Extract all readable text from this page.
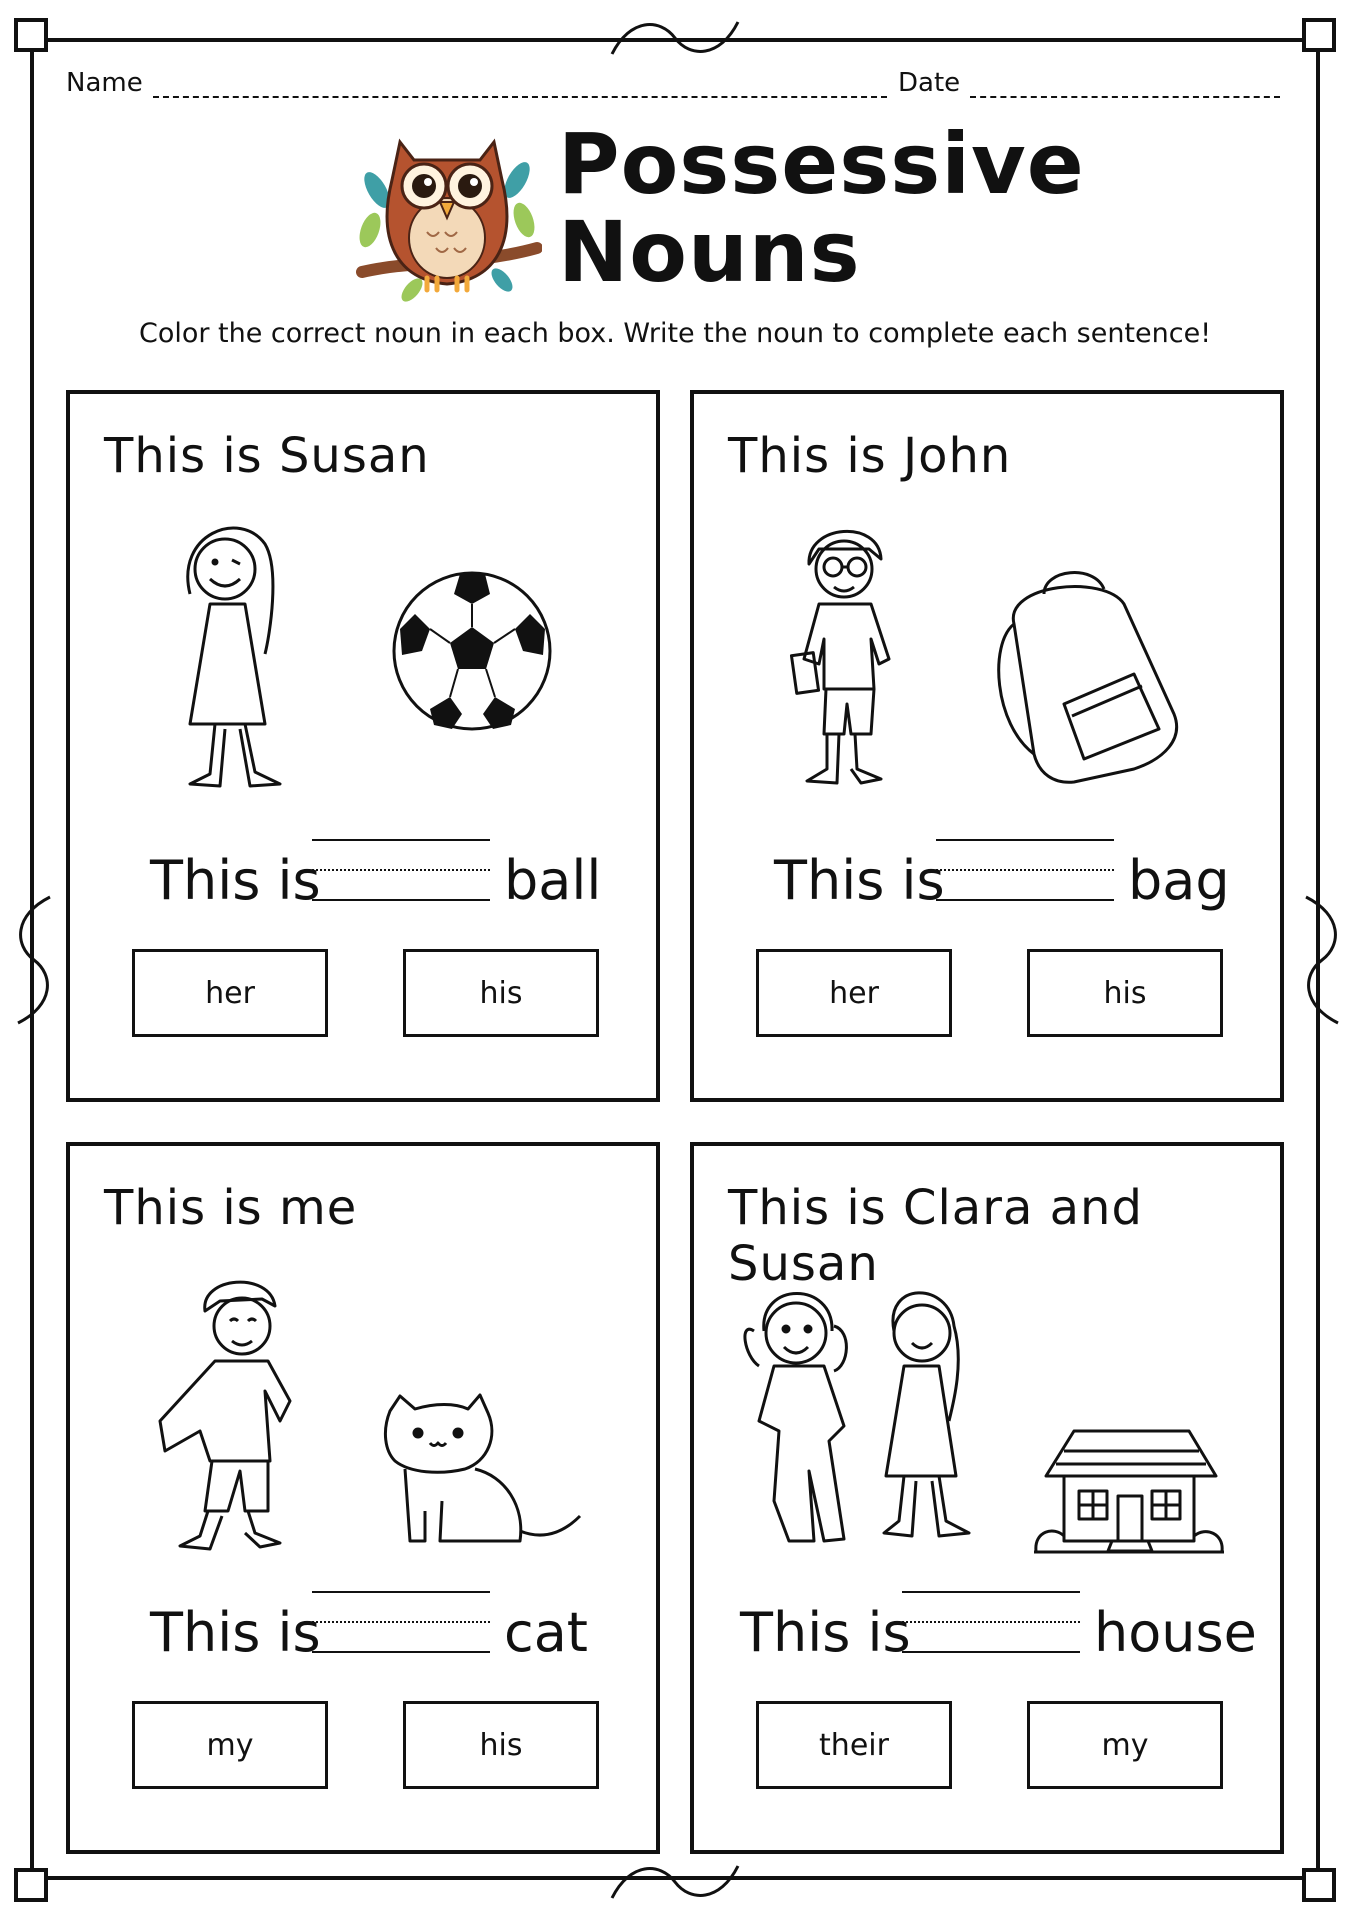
Name	Date
Possessive
Nouns
Color the correct noun in each box. Write the noun to complete each sentence!
This is Susan
This is	ball
her	his
This is John
This is	bag
her	his
This is me
This is	cat
my	his
This is Clara and Susan
This is	house
their	my
